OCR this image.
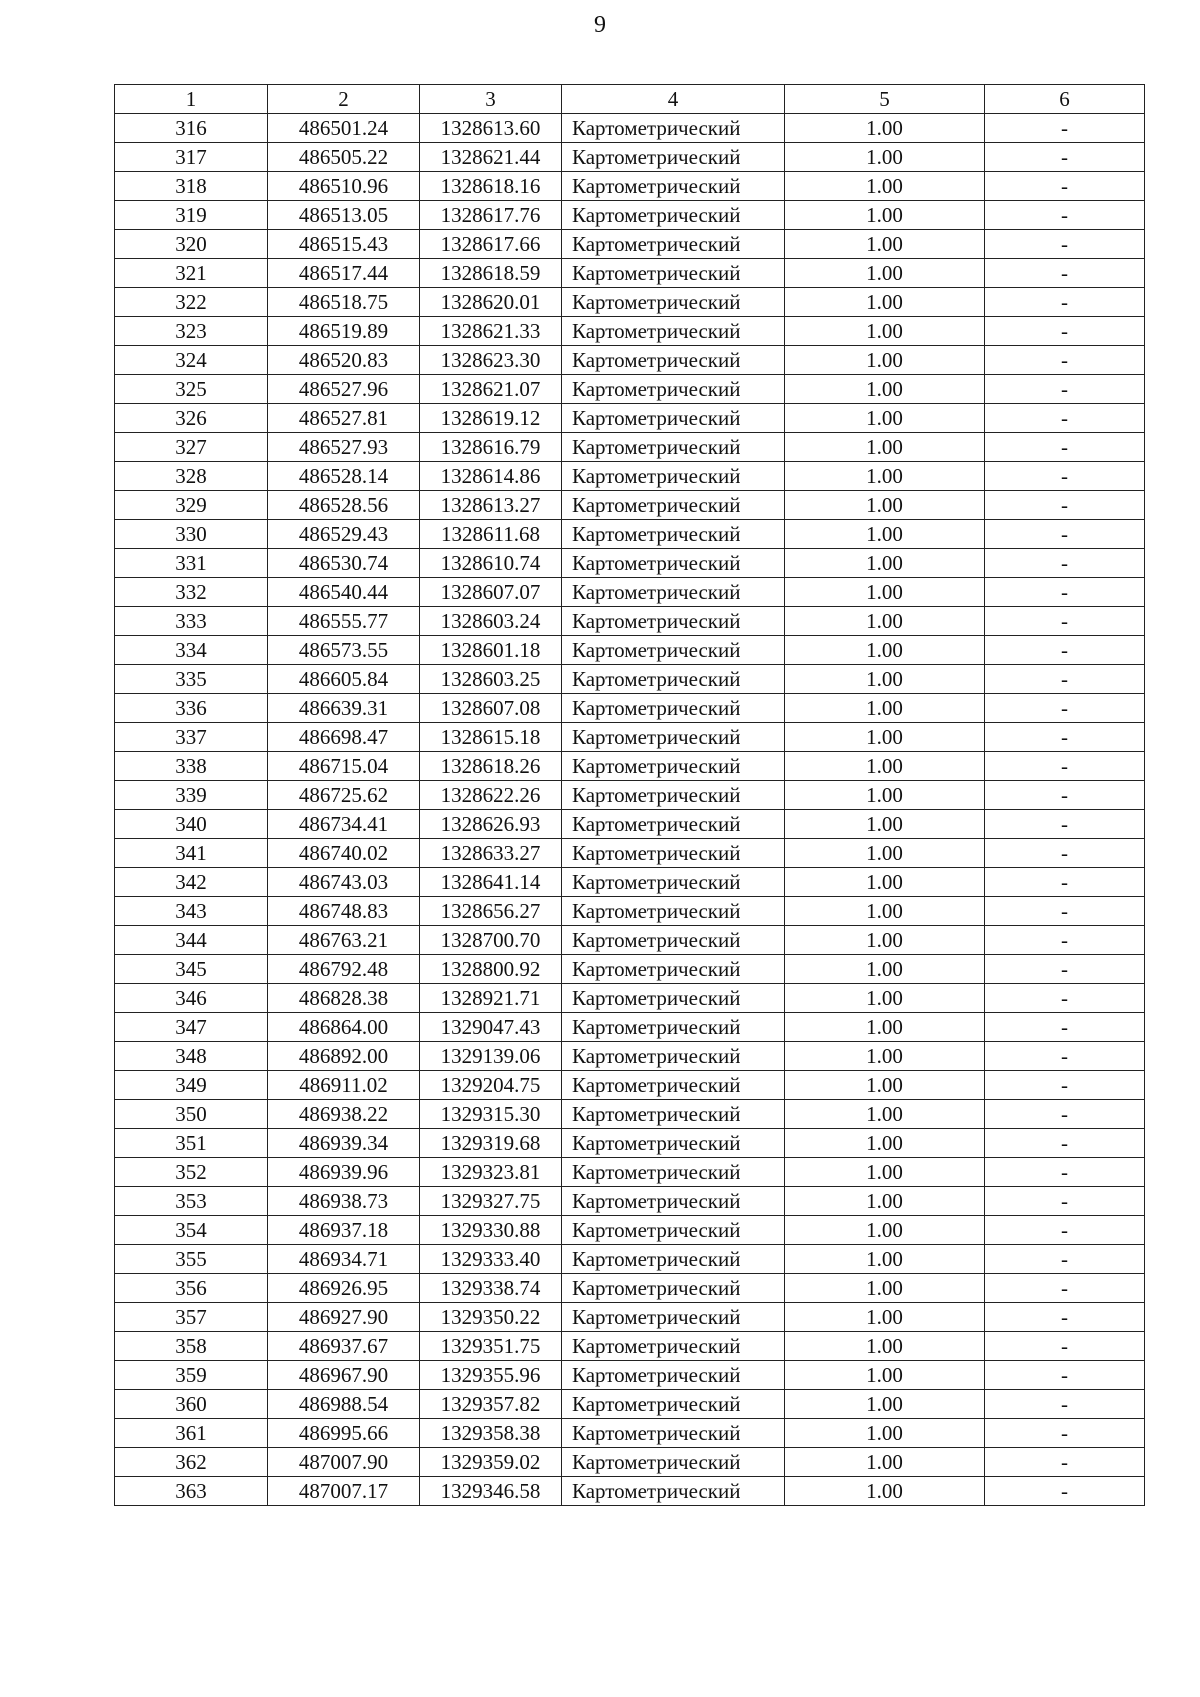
9
1	2	3	4	5	6
316	486501.24	1328613.60	Картометрический	1.00	-
317	486505.22	1328621.44	Картометрический	1.00	-
318	486510.96	1328618.16	Картометрический	1.00	-
319	486513.05	1328617.76	Картометрический	1.00	-
320	486515.43	1328617.66	Картометрический	1.00	-
321	486517.44	1328618.59	Картометрический	1.00	-
322	486518.75	1328620.01	Картометрический	1.00	-
323	486519.89	1328621.33	Картометрический	1.00	-
324	486520.83	1328623.30	Картометрический	1.00	-
325	486527.96	1328621.07	Картометрический	1.00	-
326	486527.81	1328619.12	Картометрический	1.00	-
327	486527.93	1328616.79	Картометрический	1.00	-
328	486528.14	1328614.86	Картометрический	1.00	-
329	486528.56	1328613.27	Картометрический	1.00	-
330	486529.43	1328611.68	Картометрический	1.00	-
331	486530.74	1328610.74	Картометрический	1.00	-
332	486540.44	1328607.07	Картометрический	1.00	-
333	486555.77	1328603.24	Картометрический	1.00	-
334	486573.55	1328601.18	Картометрический	1.00	-
335	486605.84	1328603.25	Картометрический	1.00	-
336	486639.31	1328607.08	Картометрический	1.00	-
337	486698.47	1328615.18	Картометрический	1.00	-
338	486715.04	1328618.26	Картометрический	1.00	-
339	486725.62	1328622.26	Картометрический	1.00	-
340	486734.41	1328626.93	Картометрический	1.00	-
341	486740.02	1328633.27	Картометрический	1.00	-
342	486743.03	1328641.14	Картометрический	1.00	-
343	486748.83	1328656.27	Картометрический	1.00	-
344	486763.21	1328700.70	Картометрический	1.00	-
345	486792.48	1328800.92	Картометрический	1.00	-
346	486828.38	1328921.71	Картометрический	1.00	-
347	486864.00	1329047.43	Картометрический	1.00	-
348	486892.00	1329139.06	Картометрический	1.00	-
349	486911.02	1329204.75	Картометрический	1.00	-
350	486938.22	1329315.30	Картометрический	1.00	-
351	486939.34	1329319.68	Картометрический	1.00	-
352	486939.96	1329323.81	Картометрический	1.00	-
353	486938.73	1329327.75	Картометрический	1.00	-
354	486937.18	1329330.88	Картометрический	1.00	-
355	486934.71	1329333.40	Картометрический	1.00	-
356	486926.95	1329338.74	Картометрический	1.00	-
357	486927.90	1329350.22	Картометрический	1.00	-
358	486937.67	1329351.75	Картометрический	1.00	-
359	486967.90	1329355.96	Картометрический	1.00	-
360	486988.54	1329357.82	Картометрический	1.00	-
361	486995.66	1329358.38	Картометрический	1.00	-
362	487007.90	1329359.02	Картометрический	1.00	-
363	487007.17	1329346.58	Картометрический	1.00	-
